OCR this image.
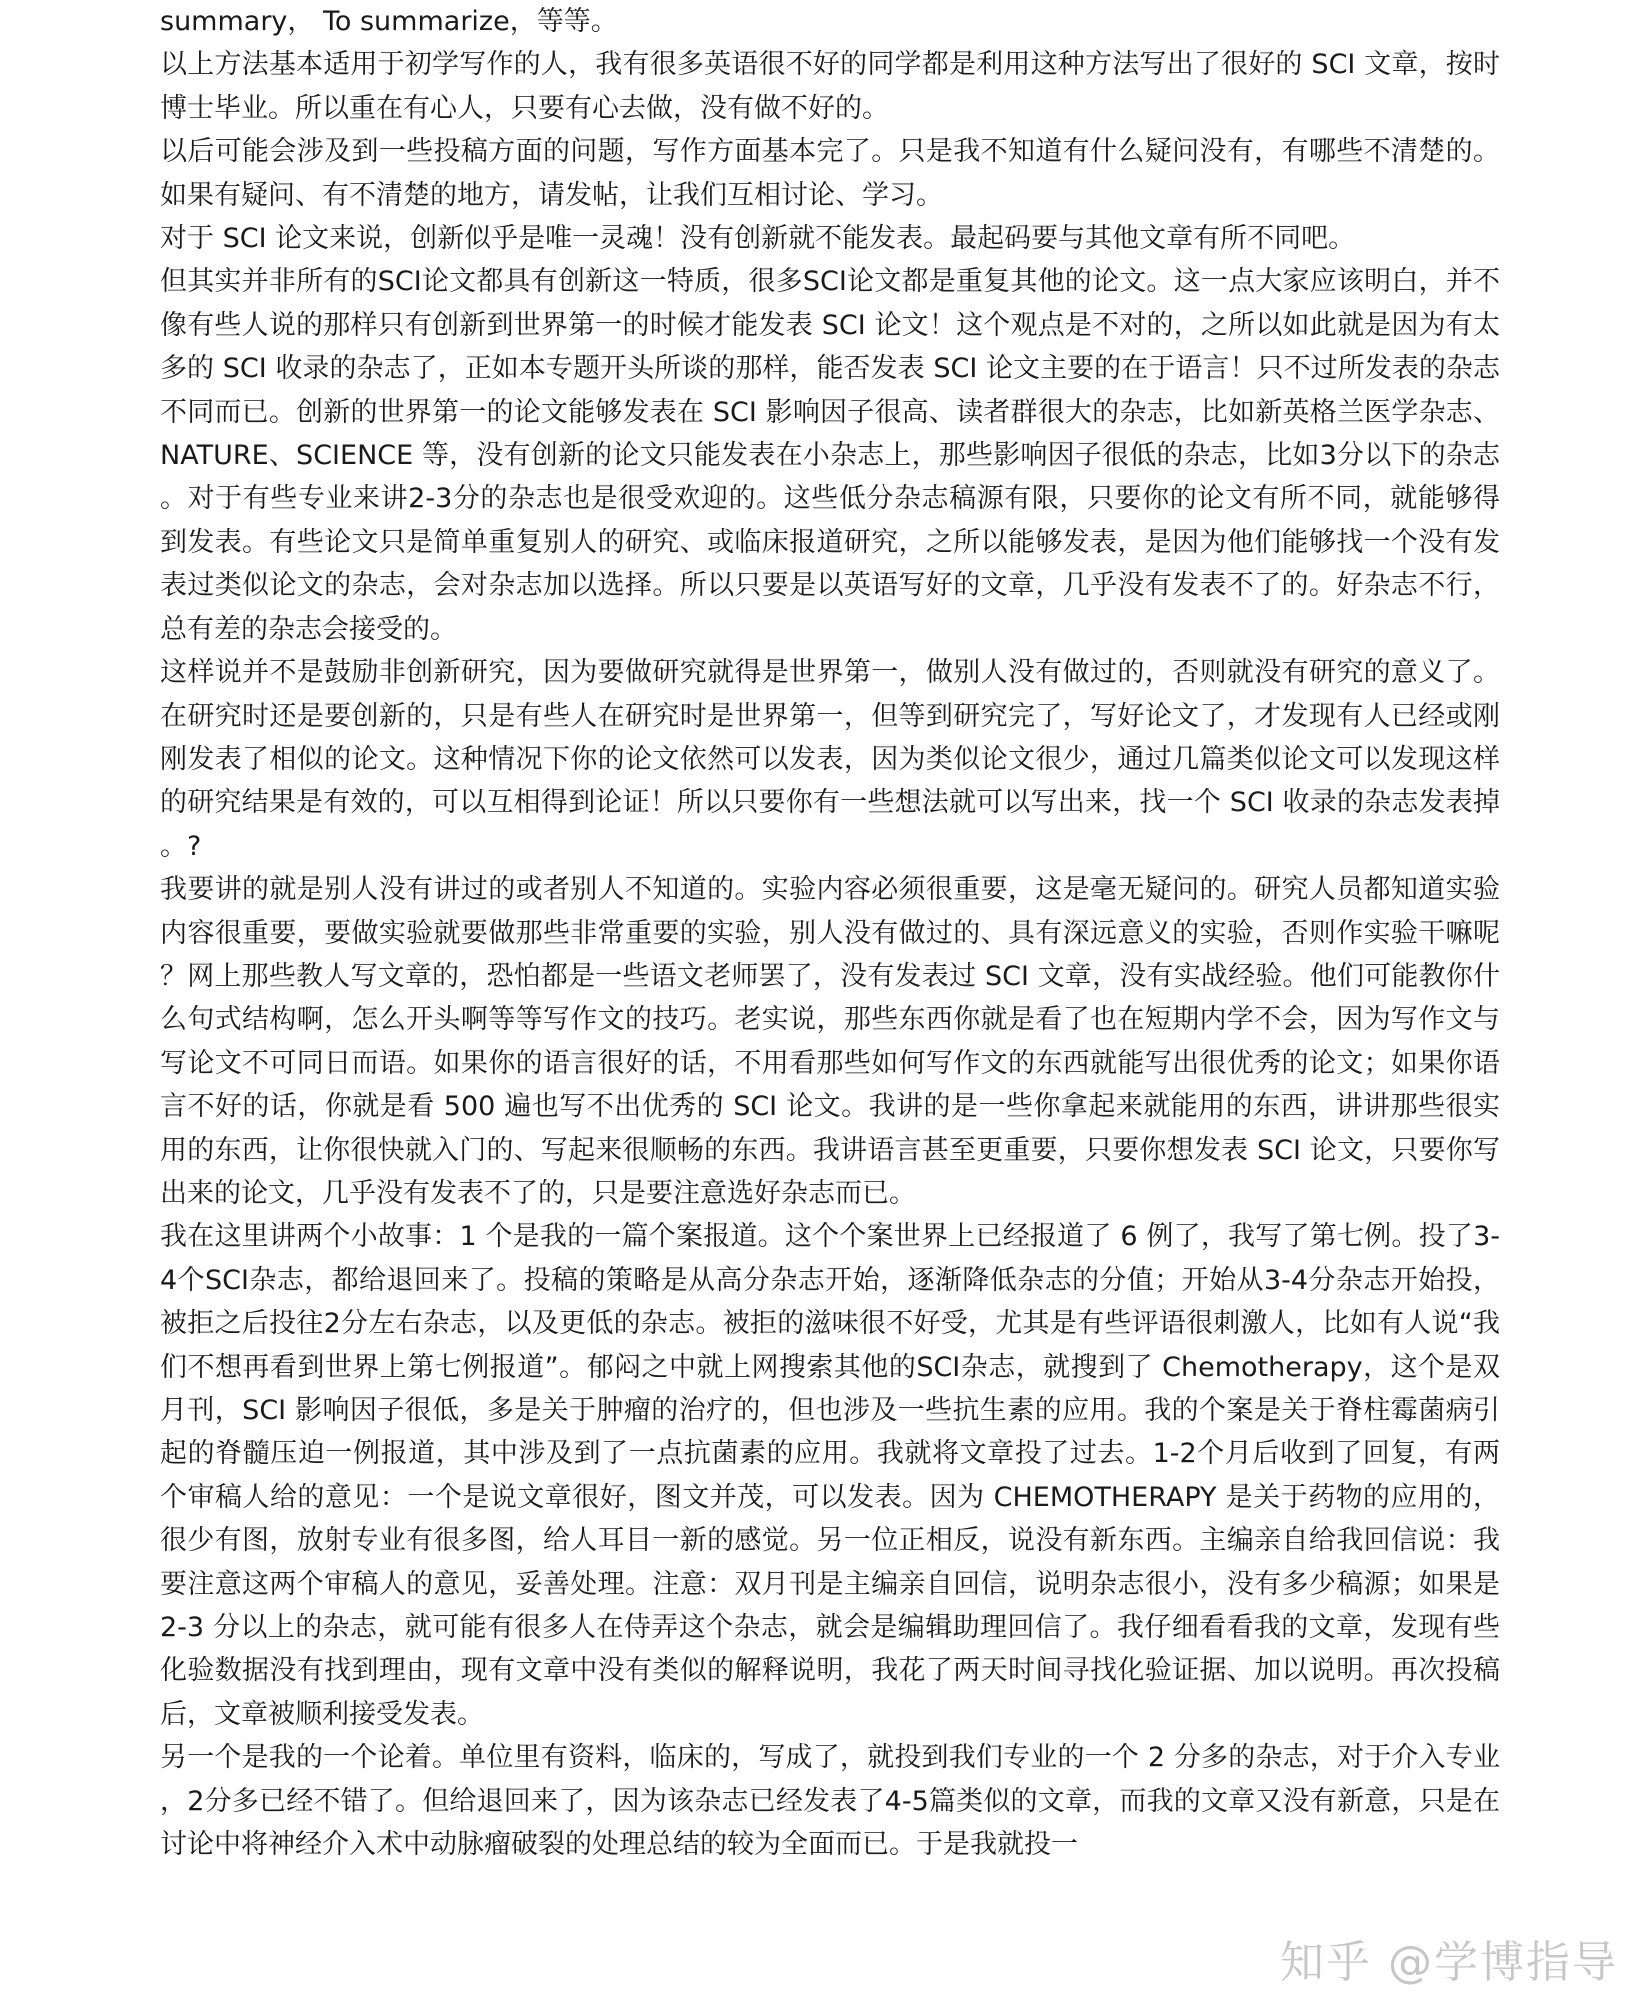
summary， To summarize，等等。

以上方法基本适用于初学写作的人，我有很多英语很不好的同学都是利用这种方法写出了很好的 SCI 文章，按时博士毕业。所以重在有心人，只要有心去做，没有做不好的。

以后可能会涉及到一些投稿方面的问题，写作方面基本完了。只是我不知道有什么疑问没有，有哪些不清楚的。如果有疑问、有不清楚的地方，请发帖，让我们互相讨论、学习。

对于 SCI 论文来说，创新似乎是唯一灵魂！没有创新就不能发表。最起码要与其他文章有所不同吧。

但其实并非所有的SCI论文都具有创新这一特质，很多SCI论文都是重复其他的论文。这一点大家应该明白，并不像有些人说的那样只有创新到世界第一的时候才能发表 SCI 论文！这个观点是不对的，之所以如此就是因为有太多的 SCI 收录的杂志了，正如本专题开头所谈的那样，能否发表 SCI 论文主要的在于语言！只不过所发表的杂志不同而已。创新的世界第一的论文能够发表在 SCI 影响因子很高、读者群很大的杂志，比如新英格兰医学杂志、NATURE、SCIENCE 等，没有创新的论文只能发表在小杂志上，那些影响因子很低的杂志，比如3分以下的杂志。对于有些专业来讲2-3分的杂志也是很受欢迎的。这些低分杂志稿源有限，只要你的论文有所不同，就能够得到发表。有些论文只是简单重复别人的研究、或临床报道研究，之所以能够发表，是因为他们能够找一个没有发表过类似论文的杂志，会对杂志加以选择。所以只要是以英语写好的文章，几乎没有发表不了的。好杂志不行，总有差的杂志会接受的。

这样说并不是鼓励非创新研究，因为要做研究就得是世界第一，做别人没有做过的，否则就没有研究的意义了。在研究时还是要创新的，只是有些人在研究时是世界第一，但等到研究完了，写好论文了，才发现有人已经或刚刚发表了相似的论文。这种情况下你的论文依然可以发表，因为类似论文很少，通过几篇类似论文可以发现这样的研究结果是有效的，可以互相得到论证！所以只要你有一些想法就可以写出来，找一个 SCI 收录的杂志发表掉。?

我要讲的就是别人没有讲过的或者别人不知道的。实验内容必须很重要，这是毫无疑问的。研究人员都知道实验内容很重要，要做实验就要做那些非常重要的实验，别人没有做过的、具有深远意义的实验，否则作实验干嘛呢？网上那些教人写文章的，恐怕都是一些语文老师罢了，没有发表过 SCI 文章，没有实战经验。他们可能教你什么句式结构啊，怎么开头啊等等写作文的技巧。老实说，那些东西你就是看了也在短期内学不会，因为写作文与写论文不可同日而语。如果你的语言很好的话，不用看那些如何写作文的东西就能写出很优秀的论文；如果你语言不好的话，你就是看 500 遍也写不出优秀的 SCI 论文。我讲的是一些你拿起来就能用的东西，讲讲那些很实用的东西，让你很快就入门的、写起来很顺畅的东西。我讲语言甚至更重要，只要你想发表 SCI 论文，只要你写出来的论文，几乎没有发表不了的，只是要注意选好杂志而已。

我在这里讲两个小故事：1 个是我的一篇个案报道。这个个案世界上已经报道了 6 例了，我写了第七例。投了3-4个SCI杂志，都给退回来了。投稿的策略是从高分杂志开始，逐渐降低杂志的分值；开始从3-4分杂志开始投，被拒之后投往2分左右杂志，以及更低的杂志。被拒的滋味很不好受，尤其是有些评语很刺激人，比如有人说“我们不想再看到世界上第七例报道”。郁闷之中就上网搜索其他的SCI杂志，就搜到了 Chemotherapy，这个是双月刊，SCI 影响因子很低，多是关于肿瘤的治疗的，但也涉及一些抗生素的应用。我的个案是关于脊柱霉菌病引起的脊髓压迫一例报道，其中涉及到了一点抗菌素的应用。我就将文章投了过去。1-2个月后收到了回复，有两个审稿人给的意见：一个是说文章很好，图文并茂，可以发表。因为 CHEMOTHERAPY 是关于药物的应用的，很少有图，放射专业有很多图，给人耳目一新的感觉。另一位正相反，说没有新东西。主编亲自给我回信说：我要注意这两个审稿人的意见，妥善处理。注意：双月刊是主编亲自回信，说明杂志很小，没有多少稿源；如果是 2-3 分以上的杂志，就可能有很多人在侍弄这个杂志，就会是编辑助理回信了。我仔细看看我的文章，发现有些化验数据没有找到理由，现有文章中没有类似的解释说明，我花了两天时间寻找化验证据、加以说明。再次投稿后，文章被顺利接受发表。

另一个是我的一个论着。单位里有资料，临床的，写成了，就投到我们专业的一个 2 分多的杂志，对于介入专业，2分多已经不错了。但给退回来了，因为该杂志已经发表了4-5篇类似的文章，而我的文章又没有新意，只是在讨论中将神经介入术中动脉瘤破裂的处理总结的较为全面而已。于是我就投一

知乎 @学博指导
